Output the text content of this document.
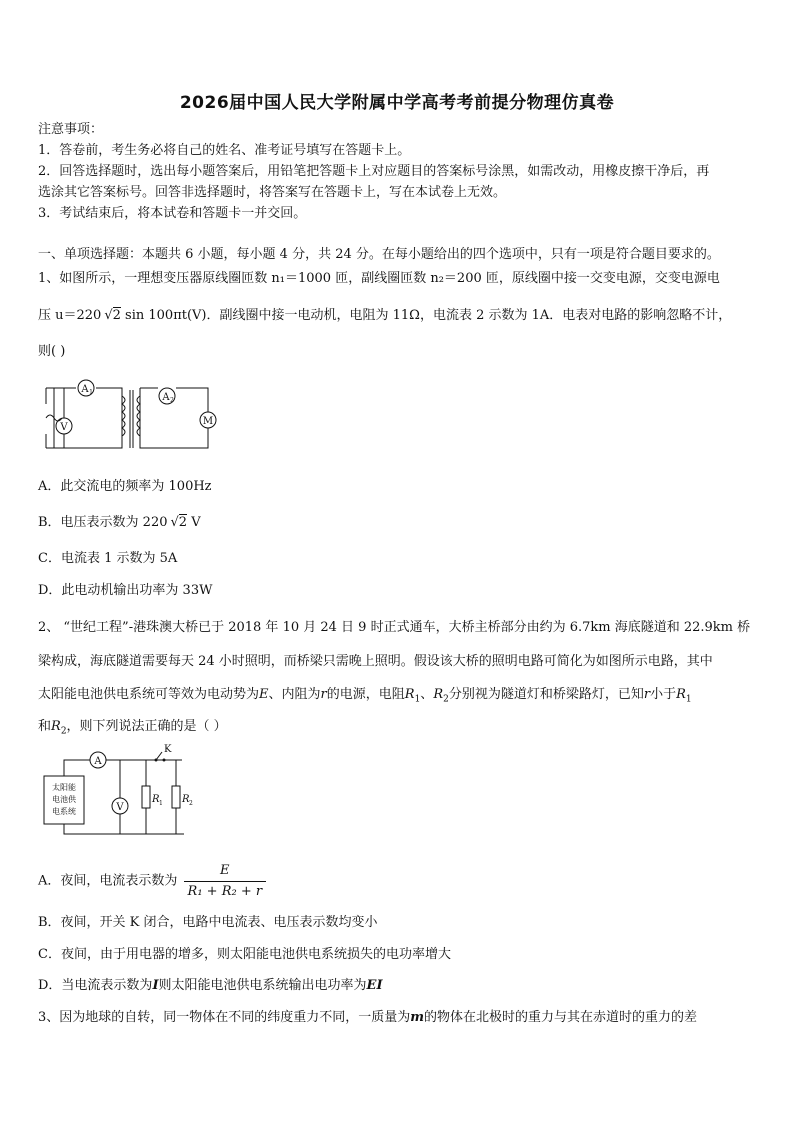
2026届中国人民大学附属中学高考考前提分物理仿真卷
注意事项：
1．答卷前，考生务必将自己的姓名、准考证号填写在答题卡上。
2．回答选择题时，选出每小题答案后，用铅笔把答题卡上对应题目的答案标号涂黑，如需改动，用橡皮擦干净后，再
选涂其它答案标号。回答非选择题时，将答案写在答题卡上，写在本试卷上无效。
3．考试结束后，将本试卷和答题卡一并交回。
一、单项选择题：本题共 6 小题，每小题 4 分，共 24 分。在每小题给出的四个选项中，只有一项是符合题目要求的。
1、如图所示，一理想变压器原线圈匝数 n₁＝1000 匝，副线圈匝数 n₂＝200 匝，原线圈中接一交变电源，交变电源电
压 u＝220 √2 sin 100πt(V)．副线圈中接一电动机，电阻为 11Ω，电流表 2 示数为 1A．电表对电路的影响忽略不计，
则( )
A 1
V
A 2
M
A．此交流电的频率为 100Hz
B．电压表示数为 220 √2 V
C．电流表 1 示数为 5A
D．此电动机输出功率为 33W
2、 “世纪工程”-港珠澳大桥已于 2018 年 10 月 24 日 9 时正式通车，大桥主桥部分由约为 6.7km 海底隧道和 22.9km 桥
梁构成，海底隧道需要每天 24 小时照明，而桥梁只需晚上照明。假设该大桥的照明电路可简化为如图所示电路，其中
太阳能电池供电系统可等效为电动势为E、内阻为r的电源，电阻$R_1$、$R_2$分别视为隧道灯和桥梁路灯，已知r小于$R_1$
和$R_2$，则下列说法正确的是（ ）
太阳能
电池供
电系统
A
V
K
R 1 R 2
A．夜间，电流表示数为 $\frac{E}{\text{R₁ + R₂ + r}}$
B．夜间，开关 K 闭合，电路中电流表、电压表示数均变小
C．夜间，由于用电器的增多，则太阳能电池供电系统损失的电功率增大
D．当电流表示数为I则太阳能电池供电系统输出电功率为EI
3、因为地球的自转，同一物体在不同的纬度重力不同，一质量为m的物体在北极时的重力与其在赤道时的重力的差
